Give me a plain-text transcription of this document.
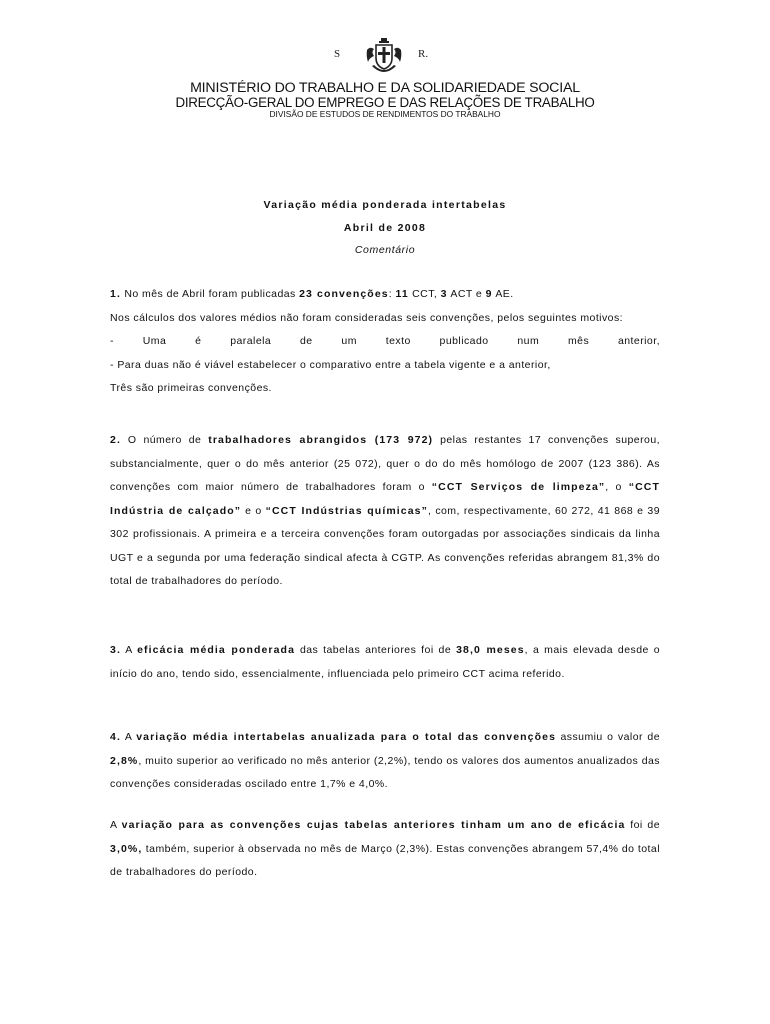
S	R.
MINISTÉRIO DO TRABALHO E DA SOLIDARIEDADE SOCIAL
DIRECÇÃO-GERAL DO EMPREGO E DAS RELAÇÕES DE TRABALHO
DIVISÃO DE ESTUDOS DE RENDIMENTOS DO TRABALHO
Variação média ponderada intertabelas
Abril de 2008
Comentário
1. No mês de Abril foram publicadas 23 convenções: 11 CCT, 3 ACT e 9 AE.
Nos cálculos dos valores médios não foram consideradas seis convenções, pelos seguintes motivos:
-	Uma	é	paralela	de	um	texto	publicado	num	mês	anterior,
- Para duas não é viável estabelecer o comparativo entre a tabela vigente e a anterior,
Três são primeiras convenções.
2. O número de trabalhadores abrangidos (173 972) pelas restantes 17 convenções superou, substancialmente, quer o do mês anterior (25 072), quer o do do mês homólogo de 2007 (123 386). As convenções com maior número de trabalhadores foram o “CCT Serviços de limpeza”, o “CCT Indústria de calçado” e o “CCT Indústrias químicas”, com, respectivamente, 60 272, 41 868 e 39 302 profissionais. A primeira e a terceira convenções foram outorgadas por associações sindicais da linha UGT e a segunda por uma federação sindical afecta à CGTP. As convenções referidas abrangem 81,3% do total de trabalhadores do período.
3. A eficácia média ponderada das tabelas anteriores foi de 38,0 meses, a mais elevada desde o início do ano, tendo sido, essencialmente, influenciada pelo primeiro CCT acima referido.
4. A variação média intertabelas anualizada para o total das convenções assumiu o valor de 2,8%, muito superior ao verificado no mês anterior (2,2%), tendo os valores dos aumentos anualizados das convenções consideradas oscilado entre 1,7% e 4,0%.
A variação para as convenções cujas tabelas anteriores tinham um ano de eficácia foi de 3,0%, também, superior à observada no mês de Março (2,3%). Estas convenções abrangem 57,4% do total de trabalhadores do período.
